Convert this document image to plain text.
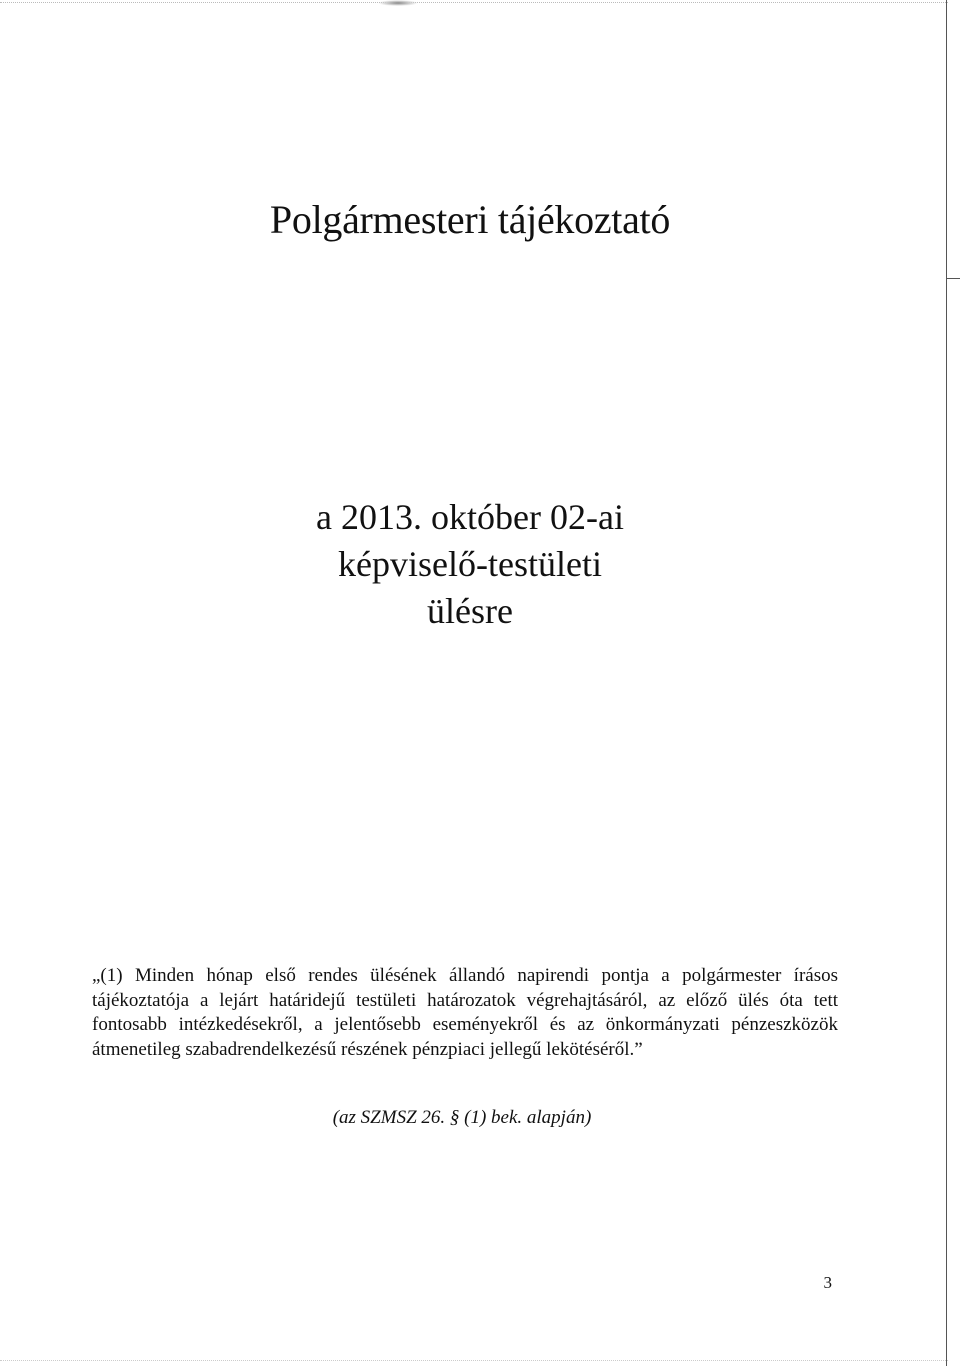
Polgármesteri tájékoztató
a 2013. október 02-ai
képviselő-testületi
ülésre

„(1) Minden hónap első rendes ülésének állandó napirendi pontja a polgármester írásos tájékoztatója a lejárt határidejű testületi határozatok végrehajtásáról, az előző ülés óta tett fontosabb intézkedésekről, a jelentősebb eseményekről és az önkormányzati pénzeszközök átmenetileg szabadrendelkezésű részének pénzpiaci jellegű lekötéséről.”

(az SZMSZ 26. § (1) bek. alapján)

3
